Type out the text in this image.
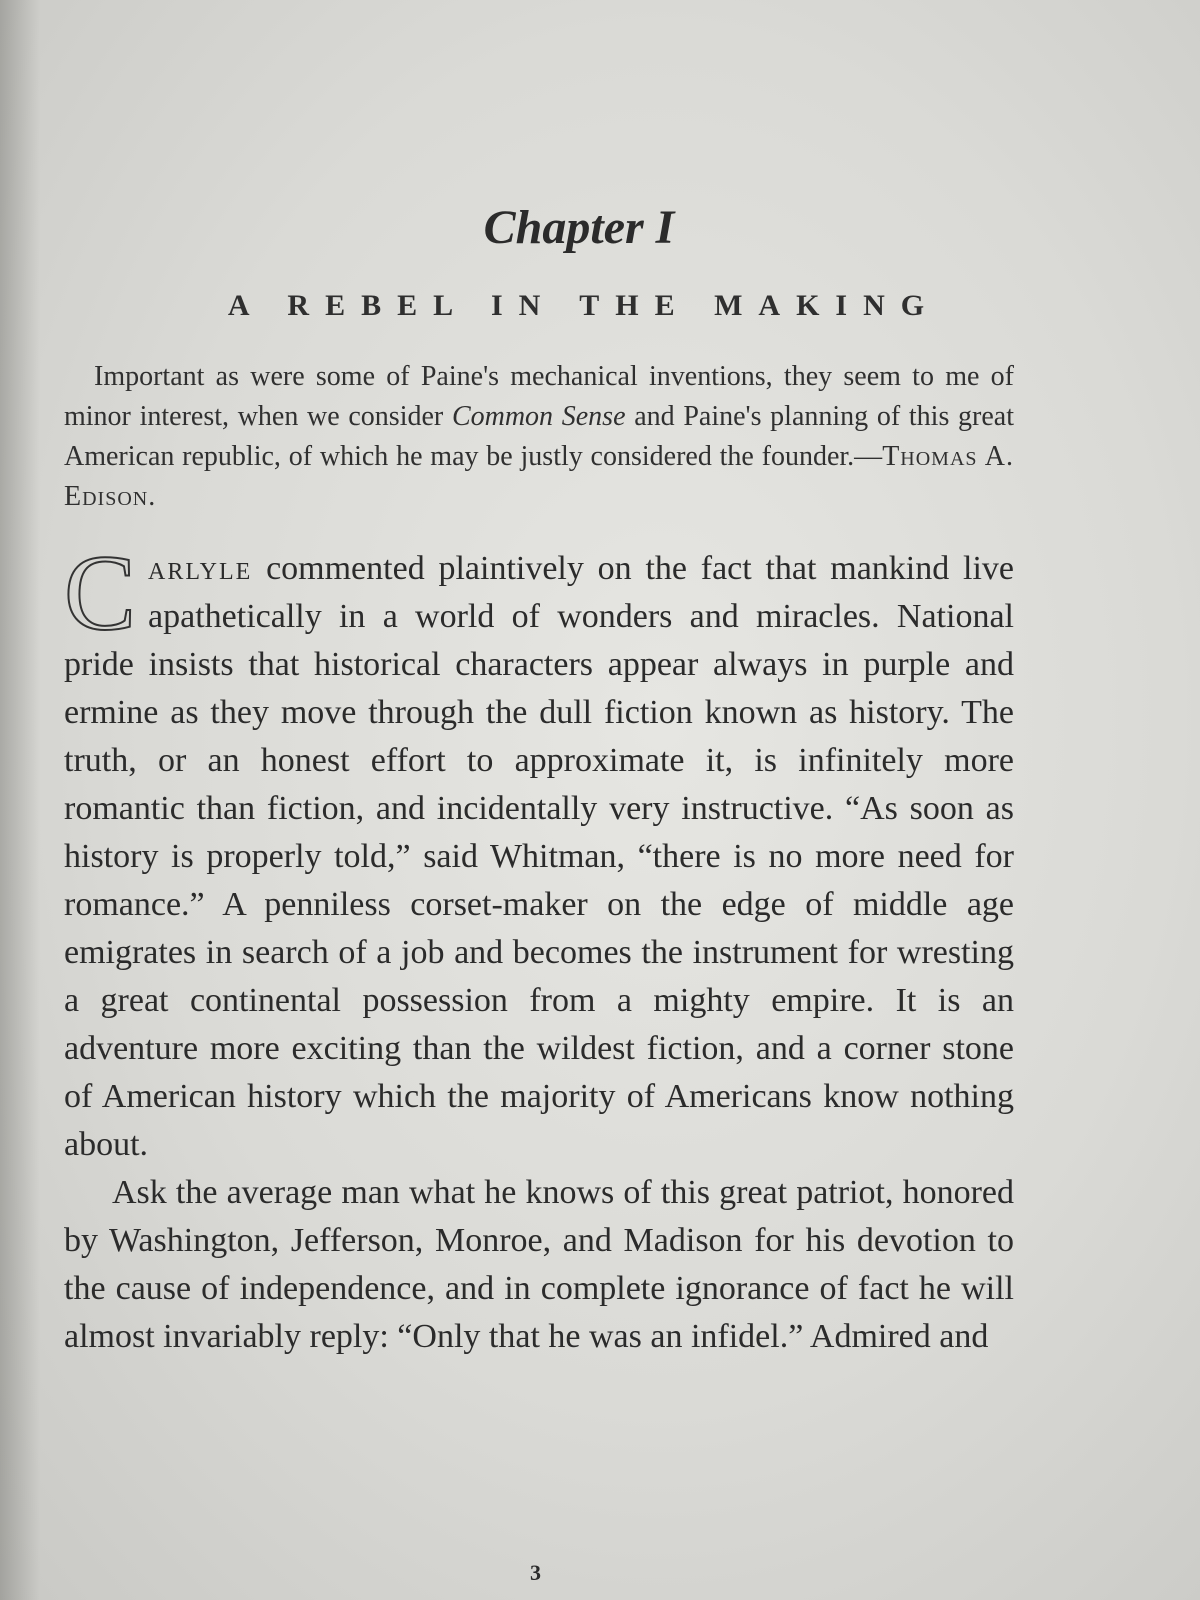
Chapter I
A REBEL IN THE MAKING

Important as were some of Paine's mechanical inventions, they seem to me of minor interest, when we consider Common Sense and Paine's planning of this great American republic, of which he may be justly considered the founder.—Thomas A. Edison.

Carlyle commented plaintively on the fact that mankind live apathetically in a world of wonders and miracles. National pride insists that historical characters appear always in purple and ermine as they move through the dull fiction known as history. The truth, or an honest effort to approximate it, is infinitely more romantic than fiction, and incidentally very instructive. “As soon as history is properly told,” said Whitman, “there is no more need for romance.” A penniless corset-maker on the edge of middle age emigrates in search of a job and becomes the instrument for wresting a great continental possession from a mighty empire. It is an adventure more exciting than the wildest fiction, and a corner stone of American history which the majority of Americans know nothing about.

Ask the average man what he knows of this great patriot, honored by Washington, Jefferson, Monroe, and Madison for his devotion to the cause of independence, and in complete ignorance of fact he will almost invariably reply: “Only that he was an infidel.” Admired and

3
